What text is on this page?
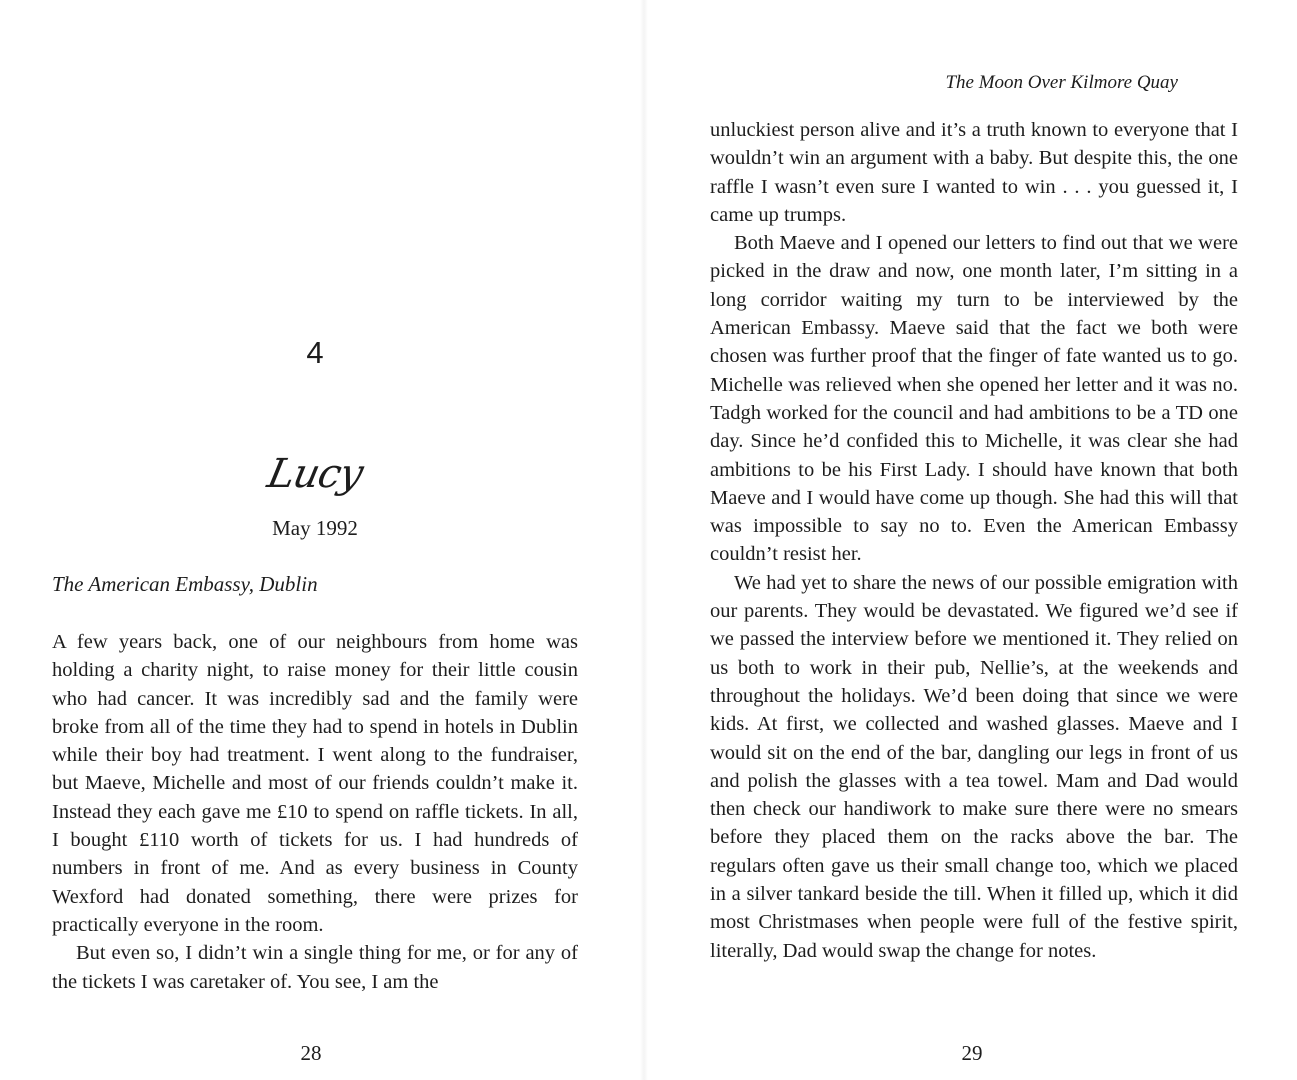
4
Lucy
May 1992
The American Embassy, Dublin

A few years back, one of our neighbours from home was holding a charity night, to raise money for their little cousin who had cancer. It was incredibly sad and the family were broke from all of the time they had to spend in hotels in Dublin while their boy had treatment. I went along to the fundraiser, but Maeve, Michelle and most of our friends couldn’t make it. Instead they each gave me £10 to spend on raffle tickets. In all, I bought £110 worth of tickets for us. I had hundreds of numbers in front of me. And as every business in County Wexford had donated something, there were prizes for practically everyone in the room.

But even so, I didn’t win a single thing for me, or for any of the tickets I was caretaker of. You see, I am the

28
The Moon Over Kilmore Quay

unluckiest person alive and it’s a truth known to everyone that I wouldn’t win an argument with a baby. But despite this, the one raffle I wasn’t even sure I wanted to win . . . you guessed it, I came up trumps.

Both Maeve and I opened our letters to find out that we were picked in the draw and now, one month later, I’m sitting in a long corridor waiting my turn to be interviewed by the American Embassy. Maeve said that the fact we both were chosen was further proof that the finger of fate wanted us to go. Michelle was relieved when she opened her letter and it was no. Tadgh worked for the council and had ambitions to be a TD one day. Since he’d confided this to Michelle, it was clear she had ambitions to be his First Lady. I should have known that both Maeve and I would have come up though. She had this will that was impossible to say no to. Even the American Embassy couldn’t resist her.

We had yet to share the news of our possible emigration with our parents. They would be devastated. We figured we’d see if we passed the interview before we mentioned it. They relied on us both to work in their pub, Nellie’s, at the weekends and throughout the holidays. We’d been doing that since we were kids. At first, we collected and washed glasses. Maeve and I would sit on the end of the bar, dangling our legs in front of us and polish the glasses with a tea towel. Mam and Dad would then check our handiwork to make sure there were no smears before they placed them on the racks above the bar. The regulars often gave us their small change too, which we placed in a silver tankard beside the till. When it filled up, which it did most Christmases when people were full of the festive spirit, literally, Dad would swap the change for notes.

29
